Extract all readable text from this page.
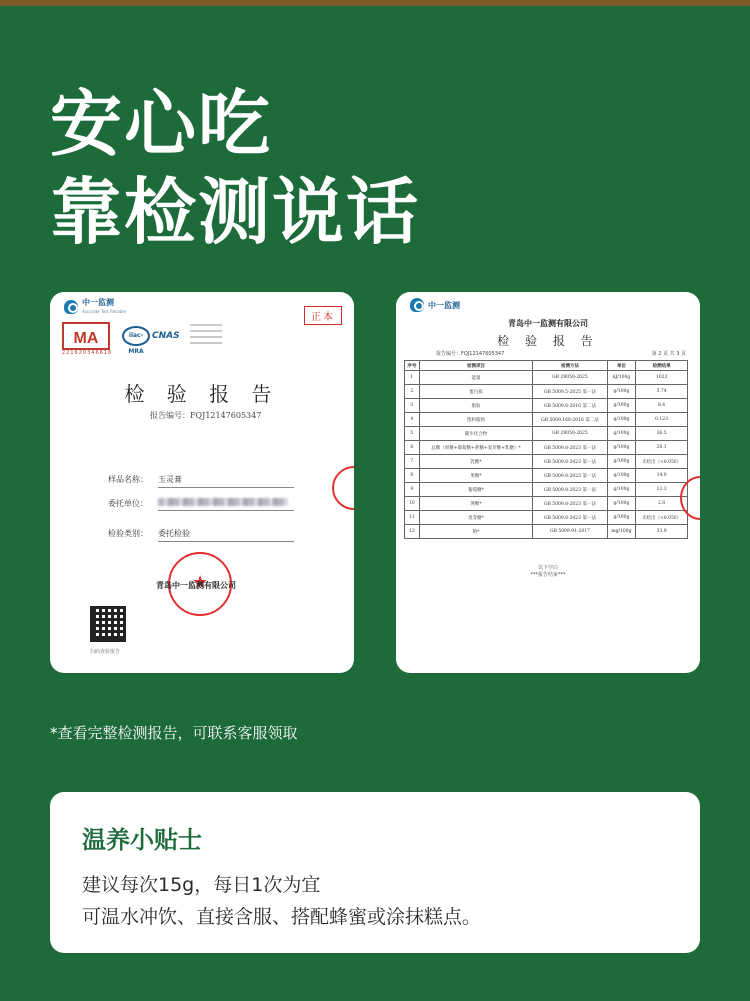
安心吃
靠检测说话
中一监测
Accurate Test Reliable
正本
MA
221620346616
ilac-MRA
CNAS
检 验 报 告
报告编号：FQJ12147605347
样品名称： 玉灵膏
委托单位：
检验类别： 委托检验
★
青岛中一监测有限公司
扫码查验报告
中一监测
青岛中一监测有限公司
检 验 报 告
报告编号：FQJ12147605347	第 2 页 共 3 页
序号	检测项目	检测方法	单位	检测结果
1	能量	GB 28050-2025	kJ/100g	1023
2	蛋白质	GB 5009.5-2025 第一法	g/100g	3.74
3	脂肪	GB 5009.6-2016 第二法	g/100g	8.4
4	饱和脂肪	GB 5009.168-2016 第二法	g/100g	0.123
5	碳水化合物	GB 28050-2025	g/100g	36.5
6	总糖（果糖+葡萄糖+蔗糖+麦芽糖+乳糖）*	GB 5009.8-2023 第一法	g/100g	20.1
7	乳糖*	GB 5009.8-2023 第一法	g/100g	未检出（<0.050）
8	果糖*	GB 5009.8-2023 第一法	g/100g	14.0
9	葡萄糖*	GB 5009.8-2023 第一法	g/100g	12.3
10	蔗糖*	GB 5009.8-2023 第一法	g/100g	2.8
11	麦芽糖*	GB 5009.8-2023 第一法	g/100g	未检出（<0.050）
12	钠*	GB 5009.91-2017	mg/100g	33.9
以下空白
***报告结束***
*查看完整检测报告，可联系客服领取
温养小贴士
建议每次15g，每日1次为宜
可温水冲饮、直接含服、搭配蜂蜜或涂抹糕点。
